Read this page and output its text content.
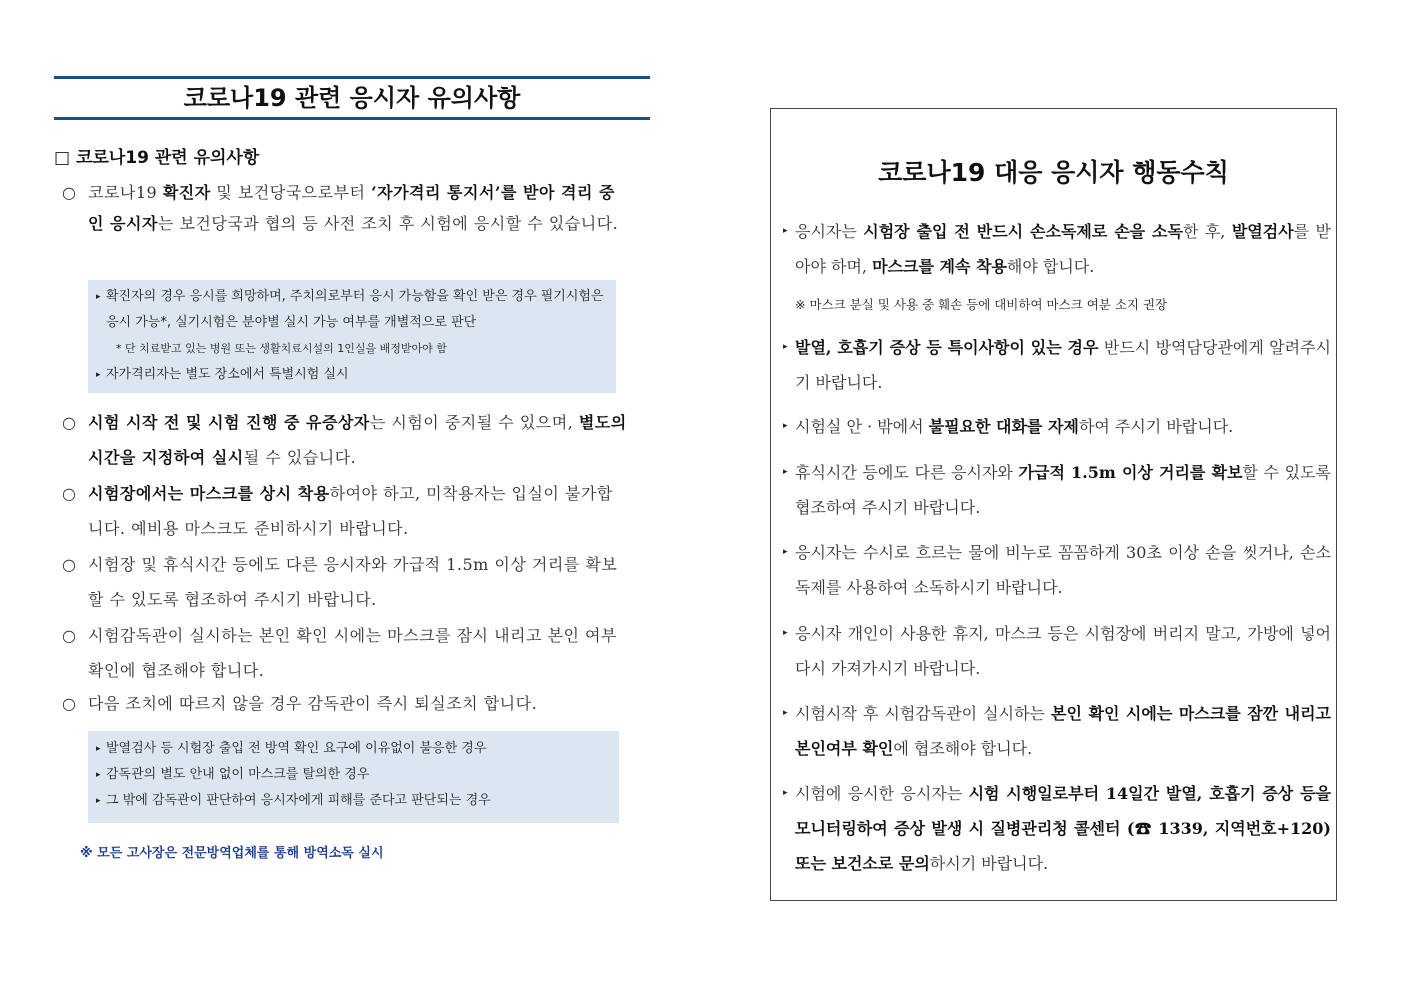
코로나19 관련 응시자 유의사항
□ 코로나19 관련 유의사항
○ 코로나19 확진자 및 보건당국으로부터 ‘자가격리 통지서’를 받아 격리 중인 응시자는 보건당국과 협의 등 사전 조치 후 시험에 응시할 수 있습니다.
▸ 확진자의 경우 응시를 희망하며, 주치의로부터 응시 가능함을 확인 받은 경우 필기시험은 응시 가능*, 실기시험은 분야별 실시 가능 여부를 개별적으로 판단
* 단 치료받고 있는 병원 또는 생활치료시설의 1인실을 배정받아야 함
▸ 자가격리자는 별도 장소에서 특별시험 실시
○ 시험 시작 전 및 시험 진행 중 유증상자는 시험이 중지될 수 있으며, 별도의 시간을 지정하여 실시될 수 있습니다.
○ 시험장에서는 마스크를 상시 착용하여야 하고, 미착용자는 입실이 불가합니다. 예비용 마스크도 준비하시기 바랍니다.
○ 시험장 및 휴식시간 등에도 다른 응시자와 가급적 1.5m 이상 거리를 확보할 수 있도록 협조하여 주시기 바랍니다.
○ 시험감독관이 실시하는 본인 확인 시에는 마스크를 잠시 내리고 본인 여부 확인에 협조해야 합니다.
○ 다음 조치에 따르지 않을 경우 감독관이 즉시 퇴실조치 합니다.
▸ 발열검사 등 시험장 출입 전 방역 확인 요구에 이유없이 불응한 경우
▸ 감독관의 별도 안내 없이 마스크를 탈의한 경우
▸ 그 밖에 감독관이 판단하여 응시자에게 피해를 준다고 판단되는 경우
※ 모든 고사장은 전문방역업체를 통해 방역소독 실시
코로나19 대응 응시자 행동수칙
▸ 응시자는 시험장 출입 전 반드시 손소독제로 손을 소독한 후, 발열검사를 받아야 하며, 마스크를 계속 착용해야 합니다.
※ 마스크 분실 및 사용 중 훼손 등에 대비하여 마스크 여분 소지 권장
▸ 발열, 호흡기 증상 등 특이사항이 있는 경우 반드시 방역담당관에게 알려주시기 바랍니다.
▸ 시험실 안 · 밖에서 불필요한 대화를 자제하여 주시기 바랍니다.
▸ 휴식시간 등에도 다른 응시자와 가급적 1.5m 이상 거리를 확보할 수 있도록 협조하여 주시기 바랍니다.
▸ 응시자는 수시로 흐르는 물에 비누로 꼼꼼하게 30초 이상 손을 씻거나, 손소독제를 사용하여 소독하시기 바랍니다.
▸ 응시자 개인이 사용한 휴지, 마스크 등은 시험장에 버리지 말고, 가방에 넣어 다시 가져가시기 바랍니다.
▸ 시험시작 후 시험감독관이 실시하는 본인 확인 시에는 마스크를 잠깐 내리고 본인여부 확인에 협조해야 합니다.
▸ 시험에 응시한 응시자는 시험 시행일로부터 14일간 발열, 호흡기 증상 등을 모니터링하여 증상 발생 시 질병관리청 콜센터 (☎ 1339, 지역번호+120) 또는 보건소로 문의하시기 바랍니다.
